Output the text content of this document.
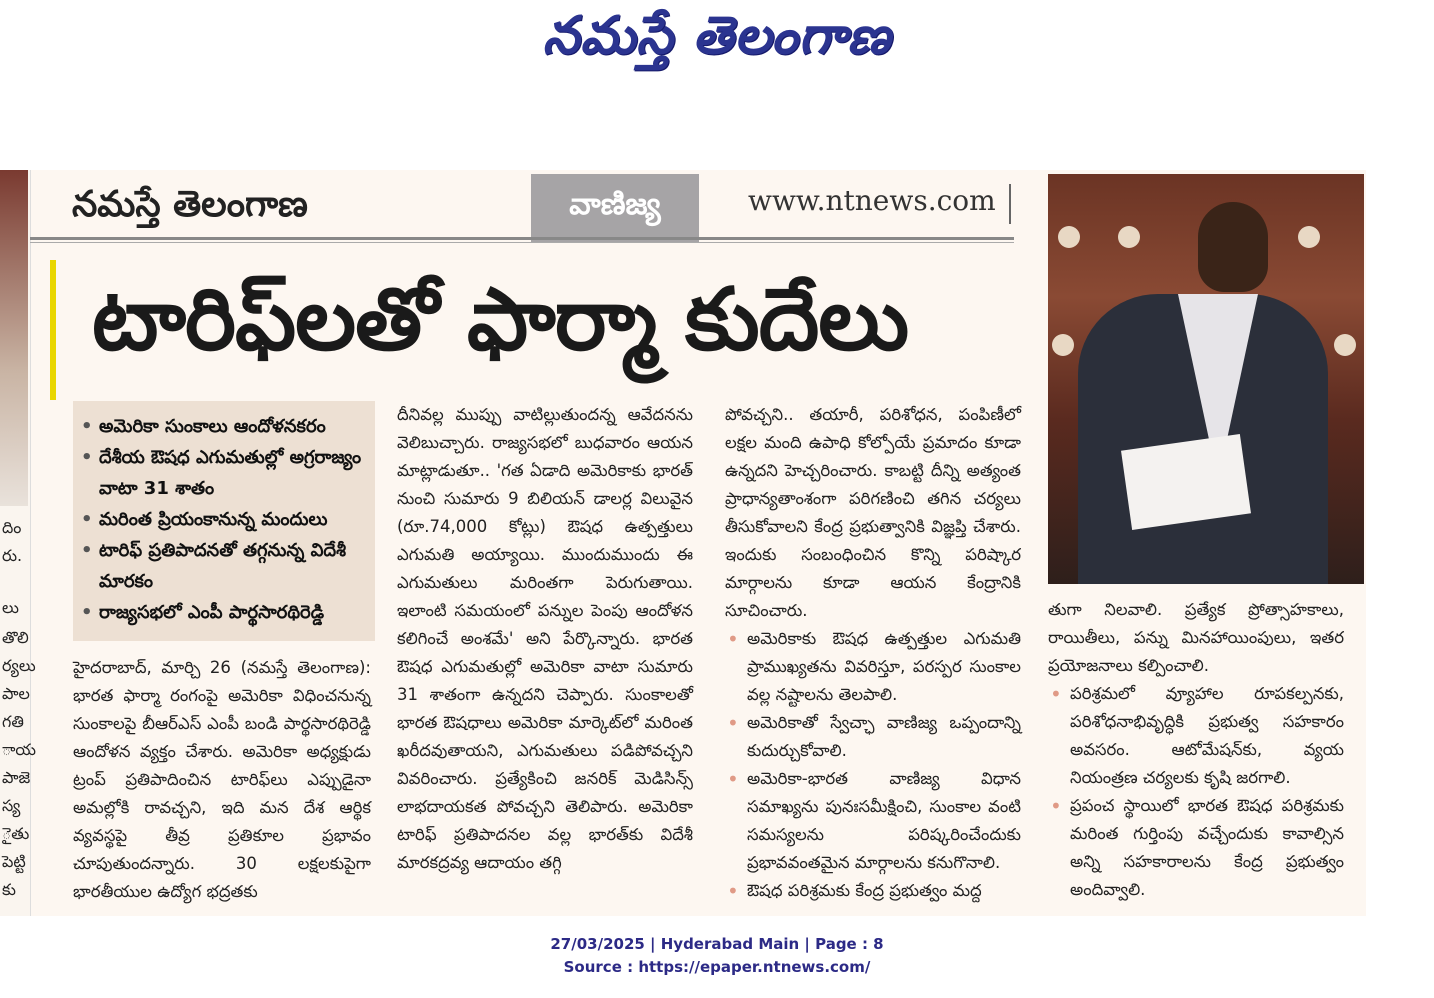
నమస్తే తెలంగాణ
దిం
రు.
లు
తొలి
ర్యలు
పాల
గతి
ాయ
పాజె
స్య
ైతు
పెట్టి
కు
నమస్తే తెలంగాణ	వాణిజ్య	www.ntnews.com
టారిఫ్‌లతో ఫార్మా కుదేలు
• అమెరికా సుంకాలు ఆందోళనకరం
• దేశీయ ఔషధ ఎగుమతుల్లో అగ్రరాజ్యం వాటా 31 శాతం
• మరింత ప్రియంకానున్న మందులు
• టారిఫ్ ప్రతిపాదనతో తగ్గనున్న విదేశీ మారకం
• రాజ్యసభలో ఎంపీ పార్థసారథిరెడ్డి

హైదరాబాద్, మార్చి 26 (నమస్తే తెలంగాణ): భారత ఫార్మా రంగంపై అమెరికా విధించనున్న సుంకాలపై బీఆర్‌ఎస్ ఎంపీ బండి పార్థసారథిరెడ్డి ఆందోళన వ్యక్తం చేశారు. అమెరికా అధ్యక్షుడు ట్రంప్ ప్రతిపాదించిన టారిఫ్‌లు ఎప్పుడైనా అమల్లోకి రావచ్చని, ఇది మన దేశ ఆర్థిక వ్యవస్థపై తీవ్ర ప్రతికూల ప్రభావం చూపుతుందన్నారు. 30 లక్షలకుపైగా భారతీయుల ఉద్యోగ భద్రతకు

దీనివల్ల ముప్పు వాటిల్లుతుందన్న ఆవేదనను వెలిబుచ్చారు. రాజ్యసభలో బుధవారం ఆయన మాట్లాడుతూ.. 'గత ఏడాది అమెరికాకు భారత్ నుంచి సుమారు 9 బిలియన్ డాలర్ల విలువైన (రూ.74,000 కోట్లు) ఔషధ ఉత్పత్తులు ఎగుమతి అయ్యాయి. ముందుముందు ఈ ఎగుమతులు మరింతగా పెరుగుతాయి. ఇలాంటి సమయంలో పన్నుల పెంపు ఆందోళన కలిగించే అంశమే' అని పేర్కొన్నారు. భారత ఔషధ ఎగుమతుల్లో అమెరికా వాటా సుమారు 31 శాతంగా ఉన్నదని చెప్పారు. సుంకాలతో భారత ఔషధాలు అమెరికా మార్కెట్‌లో మరింత ఖరీదవుతాయని, ఎగుమతులు పడిపోవచ్చని వివరించారు. ప్రత్యేకించి జనరిక్ మెడిసిన్స్ లాభదాయకత పోవచ్చని తెలిపారు. అమెరికా టారిఫ్ ప్రతిపాదనల వల్ల భారత్‌కు విదేశీ మారకద్రవ్య ఆదాయం తగ్గి

పోవచ్చని.. తయారీ, పరిశోధన, పంపిణీలో లక్షల మంది ఉపాధి కోల్పోయే ప్రమాదం కూడా ఉన్నదని హెచ్చరించారు. కాబట్టి దీన్ని అత్యంత ప్రాధాన్యతాంశంగా పరిగణించి తగిన చర్యలు తీసుకోవాలని కేంద్ర ప్రభుత్వానికి విజ్ఞప్తి చేశారు. ఇందుకు సంబంధించిన కొన్ని పరిష్కార మార్గాలను కూడా ఆయన కేంద్రానికి సూచించారు.

• అమెరికాకు ఔషధ ఉత్పత్తుల ఎగుమతి ప్రాముఖ్యతను వివరిస్తూ, పరస్పర సుంకాల వల్ల నష్టాలను తెలపాలి.

• అమెరికాతో స్వేచ్ఛా వాణిజ్య ఒప్పందాన్ని కుదుర్చుకోవాలి.

• అమెరికా-భారత వాణిజ్య విధాన సమాఖ్యను పునఃసమీక్షించి, సుంకాల వంటి సమస్యలను పరిష్కరించేందుకు ప్రభావవంతమైన మార్గాలను కనుగొనాలి.

• ఔషధ పరిశ్రమకు కేంద్ర ప్రభుత్వం మద్ద

తుగా నిలవాలి. ప్రత్యేక ప్రోత్సాహకాలు, రాయితీలు, పన్ను మినహాయింపులు, ఇతర ప్రయోజనాలు కల్పించాలి.

• పరిశ్రమలో వ్యూహాల రూపకల్పనకు, పరిశోధనాభివృద్ధికి ప్రభుత్వ సహకారం అవసరం. ఆటోమేషన్‌కు, వ్యయ నియంత్రణ చర్యలకు కృషి జరగాలి.

• ప్రపంచ స్థాయిలో భారత ఔషధ పరిశ్రమకు మరింత గుర్తింపు వచ్చేందుకు కావాల్సిన అన్ని సహకారాలను కేంద్ర ప్రభుత్వం అందివ్వాలి.

27/03/2025 | Hyderabad Main | Page : 8
Source : https://epaper.ntnews.com/
